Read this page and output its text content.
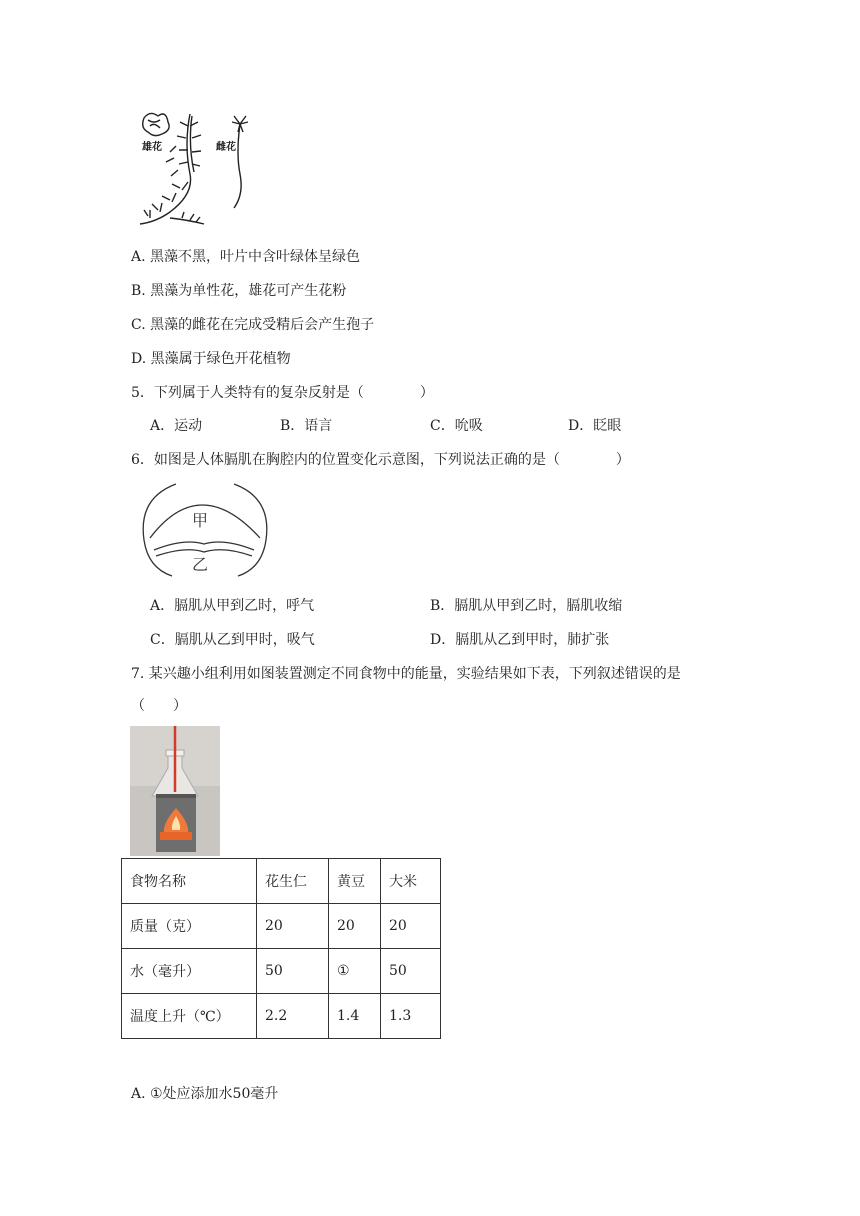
雄花	雌花
A. 黑藻不黑，叶片中含叶绿体呈绿色
B. 黑藻为单性花，雄花可产生花粉
C. 黑藻的雌花在完成受精后会产生孢子
D. 黑藻属于绿色开花植物
5．下列属于人类特有的复杂反射是（　　　　）
A．运动	B．语言	C．吮吸	D．眨眼
6．如图是人体膈肌在胸腔内的位置变化示意图，下列说法正确的是（　　　　）
甲
乙
A．膈肌从甲到乙时，呼气	B．膈肌从甲到乙时，膈肌收缩
C．膈肌从乙到甲时，吸气	D．膈肌从乙到甲时，肺扩张
7. 某兴趣小组利用如图装置测定不同食物中的能量，实验结果如下表，下列叙述错误的是
（　　）
食物名称	花生仁	黄豆	大米
质量（克）	20	20	20
水（毫升）	50	①	50
温度上升（℃）	2.2	1.4	1.3
A. ①处应添加水50毫升
